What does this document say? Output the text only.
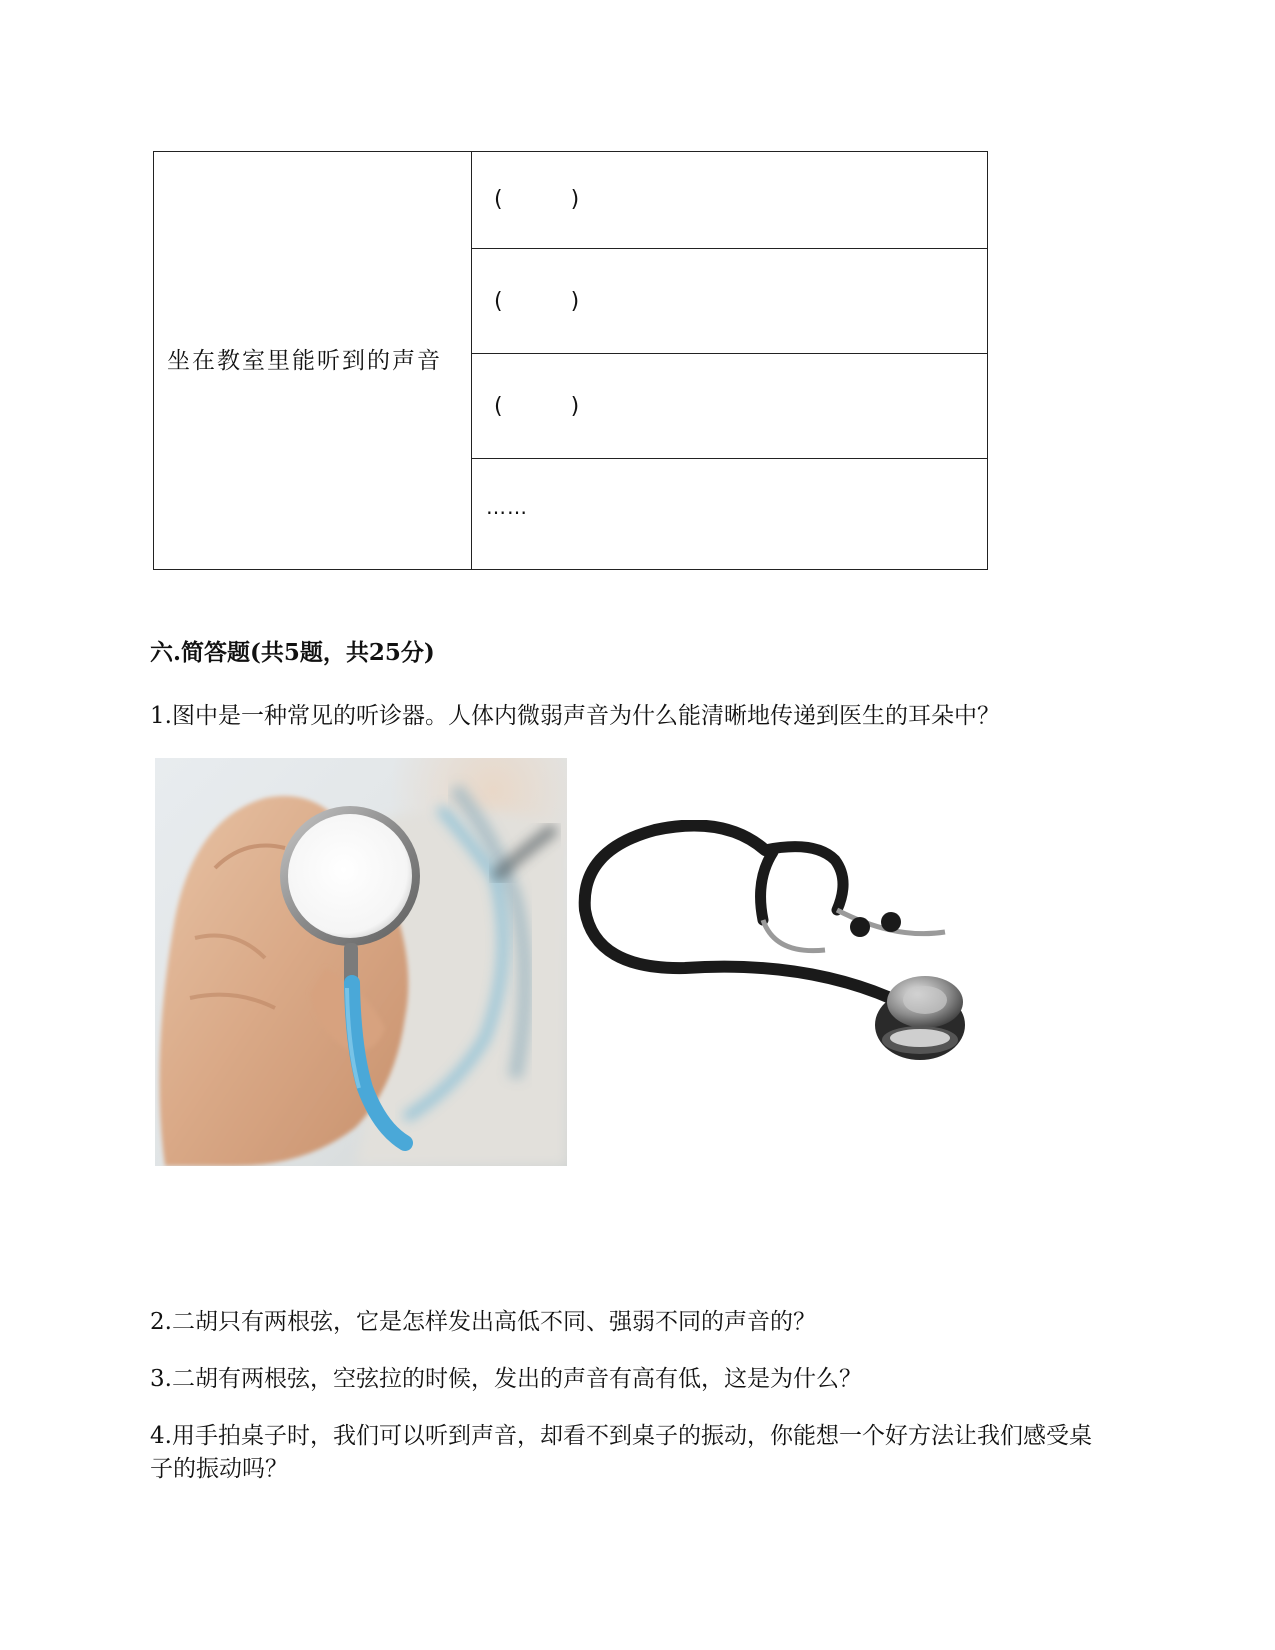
坐在教室里能听到的声音	(	)
(	)
(	)
……

六.简答题(共5题，共25分)

1.图中是一种常见的听诊器。人体内微弱声音为什么能清晰地传递到医生的耳朵中？

2.二胡只有两根弦，它是怎样发出高低不同、强弱不同的声音的？

3.二胡有两根弦，空弦拉的时候，发出的声音有高有低，这是为什么？

4.用手拍桌子时，我们可以听到声音，却看不到桌子的振动，你能想一个好方法让我们感受桌子的振动吗？
